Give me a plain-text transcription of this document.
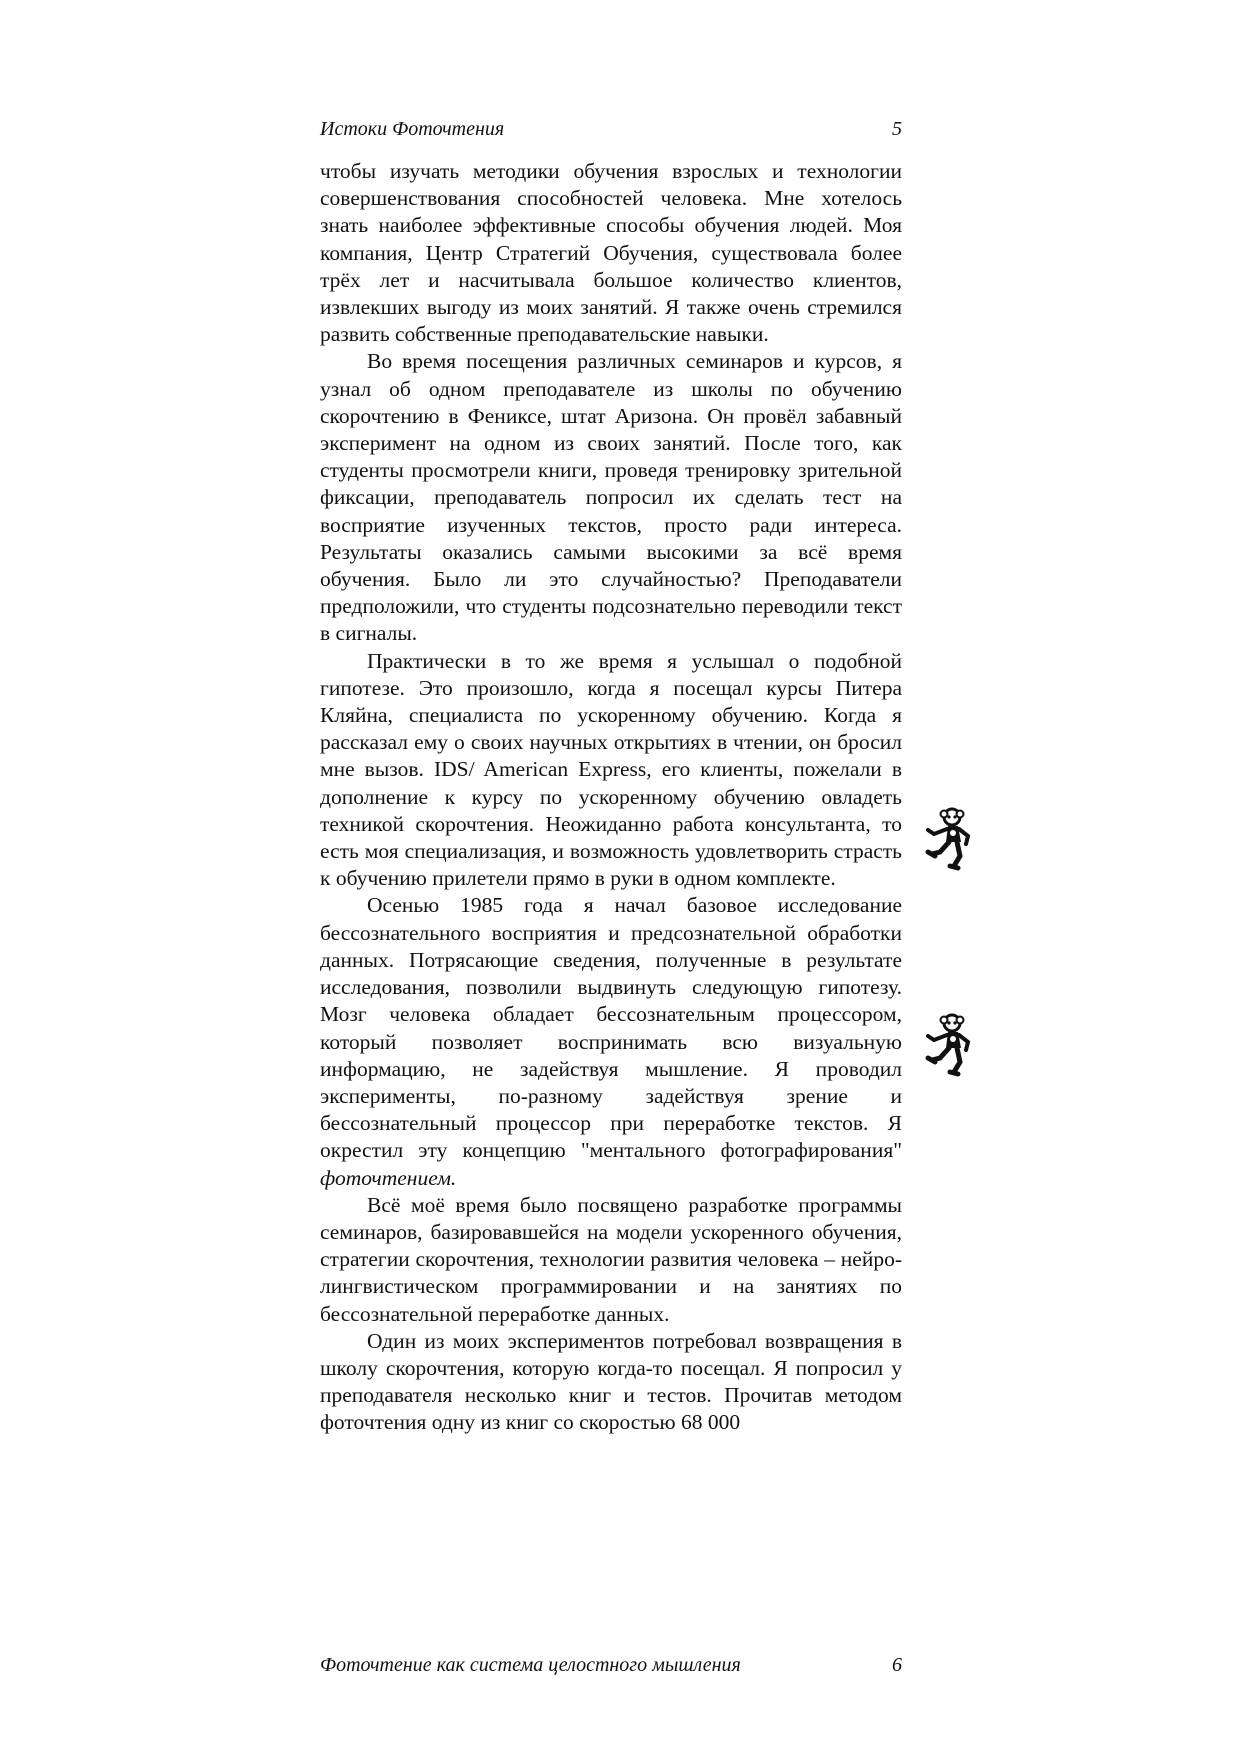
Истоки Фоточтения	5

чтобы изучать методики обучения взрослых и технологии совершенствования способностей человека. Мне хотелось знать наиболее эффективные способы обучения людей. Моя компания, Центр Стратегий Обучения, существовала более трёх лет и насчитывала большое количество клиентов, извлекших выгоду из моих занятий. Я также очень стремился развить собственные преподавательские навыки.

Во время посещения различных семинаров и курсов, я узнал об одном преподавателе из школы по обучению скорочтению в Фениксе, штат Аризона. Он провёл забавный эксперимент на одном из своих занятий. После того, как студенты просмотрели книги, проведя тренировку зрительной фиксации, преподаватель попросил их сделать тест на восприятие изученных текстов, просто ради интереса. Результаты оказались самыми высокими за всё время обучения. Было ли это случайностью? Преподаватели предположили, что студенты подсознательно переводили текст в сигналы.

Практически в то же время я услышал о подобной гипотезе. Это произошло, когда я посещал курсы Питера Кляйна, специалиста по ускоренному обучению. Когда я рассказал ему о своих научных открытиях в чтении, он бросил мне вызов. IDS/ American Express, его клиенты, пожелали в дополнение к курсу по ускоренному обучению овладеть техникой скорочтения. Неожиданно работа консультанта, то есть моя специализация, и возможность удовлетворить страсть к обучению прилетели прямо в руки в одном комплекте.

Осенью 1985 года я начал базовое исследование бессознательного восприятия и предсознательной обработки данных. Потрясающие сведения, полученные в результате исследования, позволили выдвинуть следующую гипотезу. Мозг человека обладает бессознательным процессором, который позволяет воспринимать всю визуальную информацию, не задействуя мышление. Я проводил эксперименты, по-разному задействуя зрение и бессознательный процессор при переработке текстов. Я окрестил эту концепцию "ментального фотографирования" фоточтением.

Всё моё время было посвящено разработке программы семинаров, базировавшейся на модели ускоренного обучения, стратегии скорочтения, технологии развития человека – нейро-лингвистическом программировании и на занятиях по бессознательной переработке данных.

Один из моих экспериментов потребовал возвращения в школу скорочтения, которую когда-то посещал. Я попросил у преподавателя несколько книг и тестов. Прочитав методом фоточтения одну из книг со скоростью 68 000

Фоточтение как система целостного мышления	6
